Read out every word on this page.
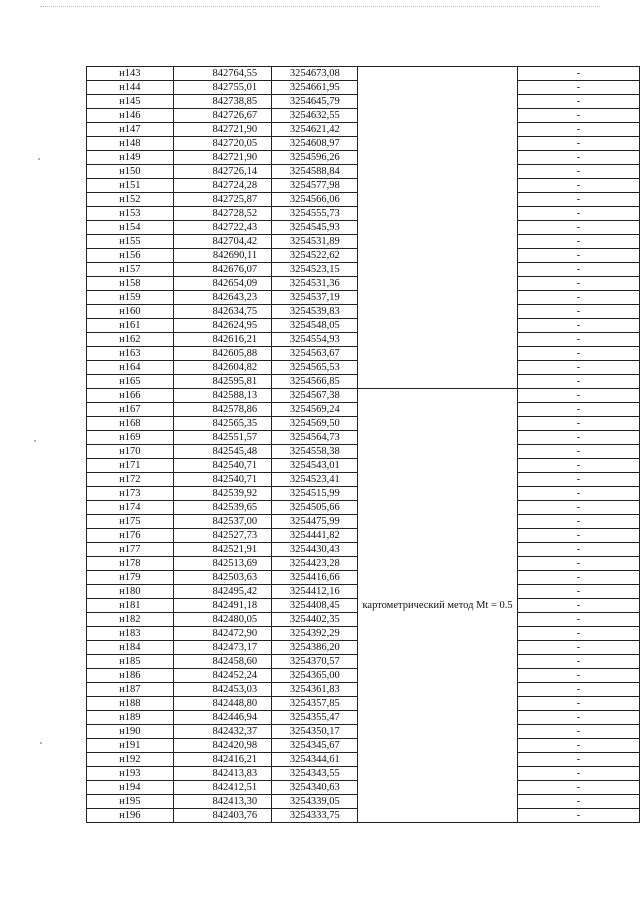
н143	842764,55	3254673,08		-
н144	842755,01	3254661,95		-
н145	842738,85	3254645,79		-
н146	842726,67	3254632,55		-
н147	842721,90	3254621,42		-
н148	842720,05	3254608,97		-
н149	842721,90	3254596,26		-
н150	842726,14	3254588,84		-
н151	842724,28	3254577,98		-
н152	842725,87	3254566,06		-
н153	842728,52	3254555,73		-
н154	842722,43	3254545,93		-
н155	842704,42	3254531,89		-
н156	842690,11	3254522,62		-
н157	842676,07	3254523,15		-
н158	842654,09	3254531,36		-
н159	842643,23	3254537,19		-
н160	842634,75	3254539,83		-
н161	842624,95	3254548,05		-
н162	842616,21	3254554,93		-
н163	842605,88	3254563,67		-
н164	842604,82	3254565,53		-
н165	842595,81	3254566,85		-
н166	842588,13	3254567,38	картометрический метод Mt = 0.5	-
н167	842578,86	3254569,24		-
н168	842565,35	3254569,50		-
н169	842551,57	3254564,73		-
н170	842545,48	3254558,38		-
н171	842540,71	3254543,01		-
н172	842540,71	3254523,41		-
н173	842539,92	3254515,99		-
н174	842539,65	3254505,66		-
н175	842537,00	3254475,99		-
н176	842527,73	3254441,82		-
н177	842521,91	3254430,43		-
н178	842513,69	3254423,28		-
н179	842503,63	3254416,66		-
н180	842495,42	3254412,16		-
н181	842491,18	3254408,45		-
н182	842480,05	3254402,35		-
н183	842472,90	3254392,29		-
н184	842473,17	3254386,20		-
н185	842458,60	3254370,57		-
н186	842452,24	3254365,00		-
н187	842453,03	3254361,83		-
н188	842448,80	3254357,85		-
н189	842446,94	3254355,47		-
н190	842432,37	3254350,17		-
н191	842420,98	3254345,67		-
н192	842416,21	3254344,61		-
н193	842413,83	3254343,55		-
н194	842412,51	3254340,63		-
н195	842413,30	3254339,05		-
н196	842403,76	3254333,75		-
